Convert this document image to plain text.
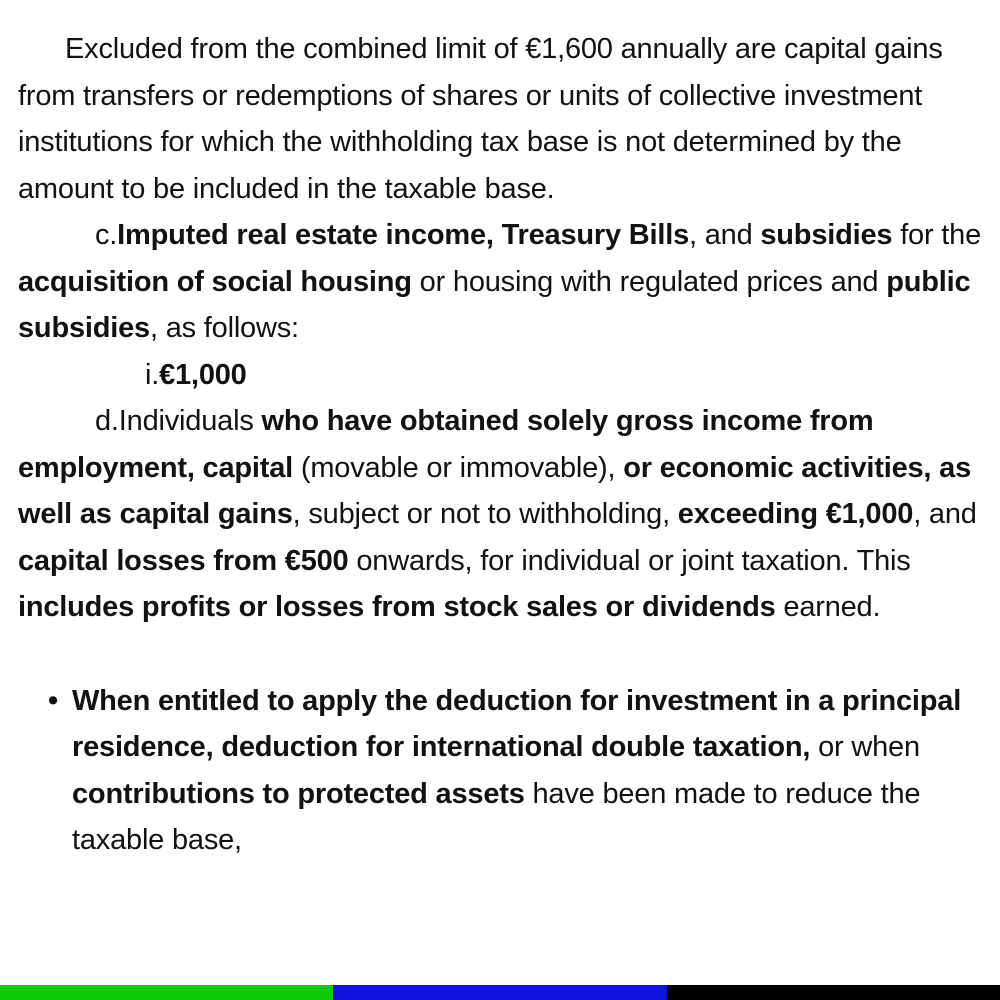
Excluded from the combined limit of €1,600 annually are capital gains from transfers or redemptions of shares or units of collective investment institutions for which the withholding tax base is not determined by the amount to be included in the taxable base.

c.Imputed real estate income, Treasury Bills, and subsidies for the acquisition of social housing or housing with regulated prices and public subsidies, as follows:

i.€1,000

d.Individuals who have obtained solely gross income from employment, capital (movable or immovable), or economic activities, as well as capital gains, subject or not to withholding, exceeding €1,000, and capital losses from €500 onwards, for individual or joint taxation. This includes profits or losses from stock sales or dividends earned.

• When entitled to apply the deduction for investment in a principal residence, deduction for international double taxation, or when contributions to protected assets have been made to reduce the taxable base,
